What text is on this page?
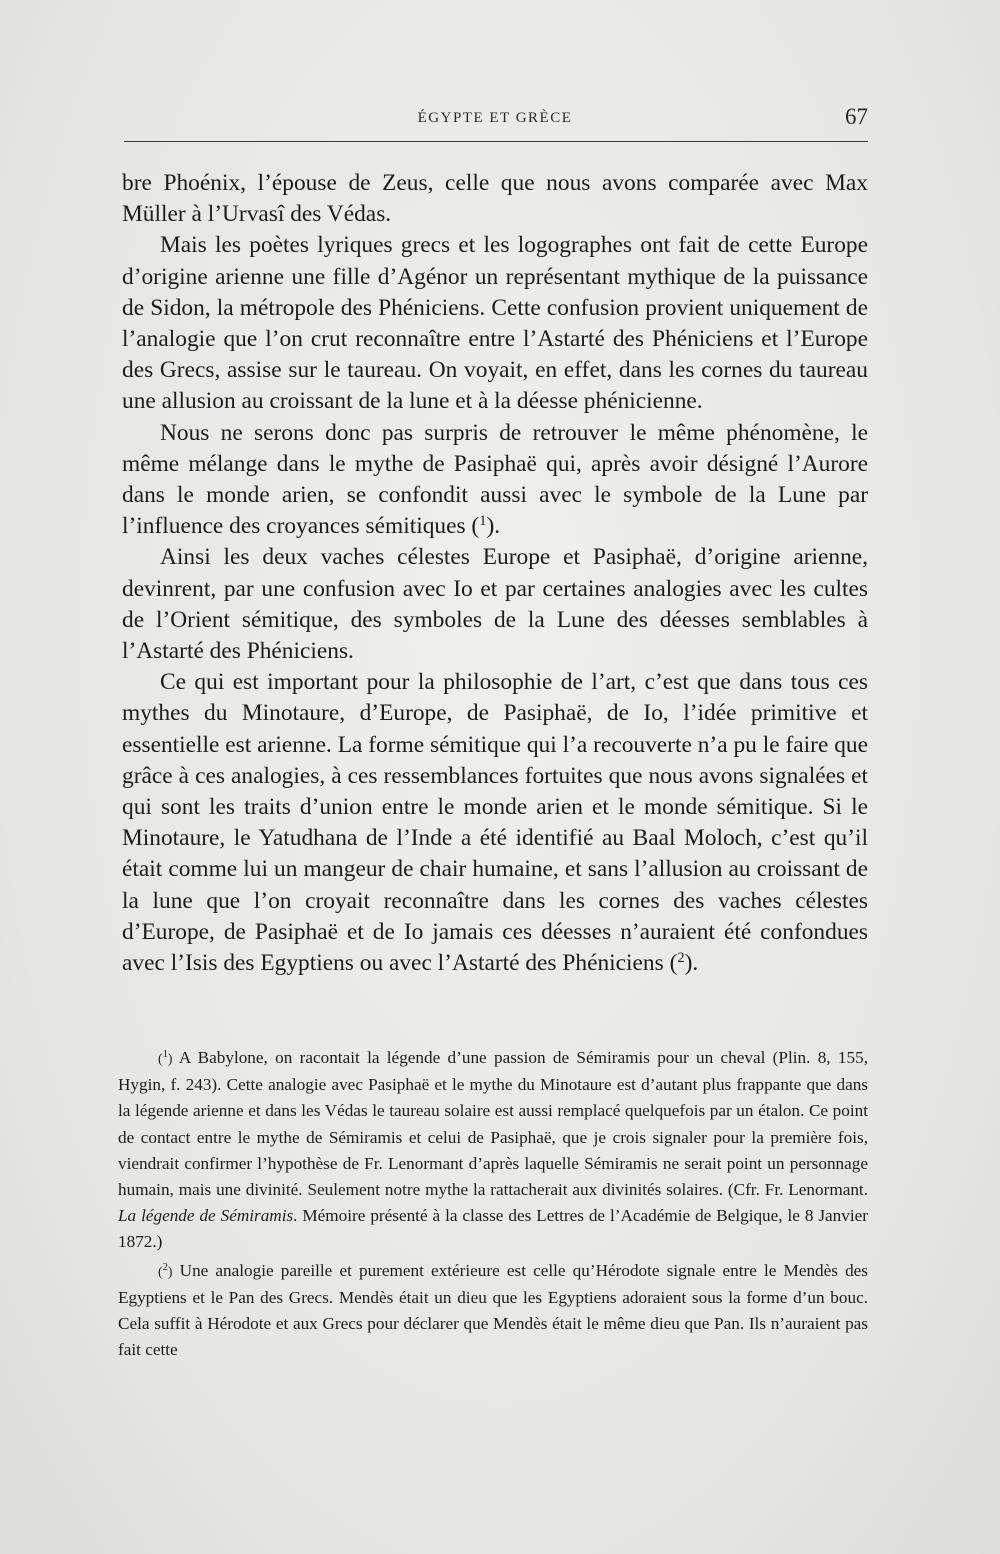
ÉGYPTE ET GRÈCE	67

bre Phoénix, l’épouse de Zeus, celle que nous avons comparée avec Max Müller à l’Urvasî des Védas.

Mais les poètes lyriques grecs et les logographes ont fait de cette Europe d’origine arienne une fille d’Agénor un représentant mythique de la puissance de Sidon, la métropole des Phéniciens. Cette confusion provient uniquement de l’analogie que l’on crut reconnaître entre l’Astarté des Phéniciens et l’Europe des Grecs, assise sur le taureau. On voyait, en effet, dans les cornes du taureau une allusion au croissant de la lune et à la déesse phénicienne.

Nous ne serons donc pas surpris de retrouver le même phénomène, le même mélange dans le mythe de Pasiphaë qui, après avoir désigné l’Aurore dans le monde arien, se confondit aussi avec le symbole de la Lune par l’influence des croyances sémitiques ($^1$).

Ainsi les deux vaches célestes Europe et Pasiphaë, d’origine arienne, devinrent, par une confusion avec Io et par certaines analogies avec les cultes de l’Orient sémitique, des symboles de la Lune des déesses semblables à l’Astarté des Phéniciens.

Ce qui est important pour la philosophie de l’art, c’est que dans tous ces mythes du Minotaure, d’Europe, de Pasiphaë, de Io, l’idée primitive et essentielle est arienne. La forme sémitique qui l’a recouverte n’a pu le faire que grâce à ces analogies, à ces ressemblances fortuites que nous avons signalées et qui sont les traits d’union entre le monde arien et le monde sémitique. Si le Minotaure, le Yatudhana de l’Inde a été identifié au Baal Moloch, c’est qu’il était comme lui un mangeur de chair humaine, et sans l’allusion au croissant de la lune que l’on croyait reconnaître dans les cornes des vaches célestes d’Europe, de Pasiphaë et de Io jamais ces déesses n’auraient été confondues avec l’Isis des Egyptiens ou avec l’Astarté des Phéniciens ($^2$).

($^1$) A Babylone, on racontait la légende d’une passion de Sémiramis pour un cheval (Plin. 8, 155, Hygin, f. 243). Cette analogie avec Pasiphaë et le mythe du Minotaure est d’autant plus frappante que dans la légende arienne et dans les Védas le taureau solaire est aussi remplacé quelquefois par un étalon. Ce point de contact entre le mythe de Sémiramis et celui de Pasiphaë, que je crois signaler pour la première fois, viendrait confirmer l’hypothèse de Fr. Lenormant d’après laquelle Sémiramis ne serait point un personnage humain, mais une divinité. Seulement notre mythe la rattacherait aux divinités solaires. (Cfr. Fr. Lenormant. La légende de Sémiramis. Mémoire présenté à la classe des Lettres de l’Académie de Belgique, le 8 Janvier 1872.)

($^2$) Une analogie pareille et purement extérieure est celle qu’Hérodote signale entre le Mendès des Egyptiens et le Pan des Grecs. Mendès était un dieu que les Egyptiens adoraient sous la forme d’un bouc. Cela suffit à Hérodote et aux Grecs pour déclarer que Mendès était le même dieu que Pan. Ils n’auraient pas fait cette
